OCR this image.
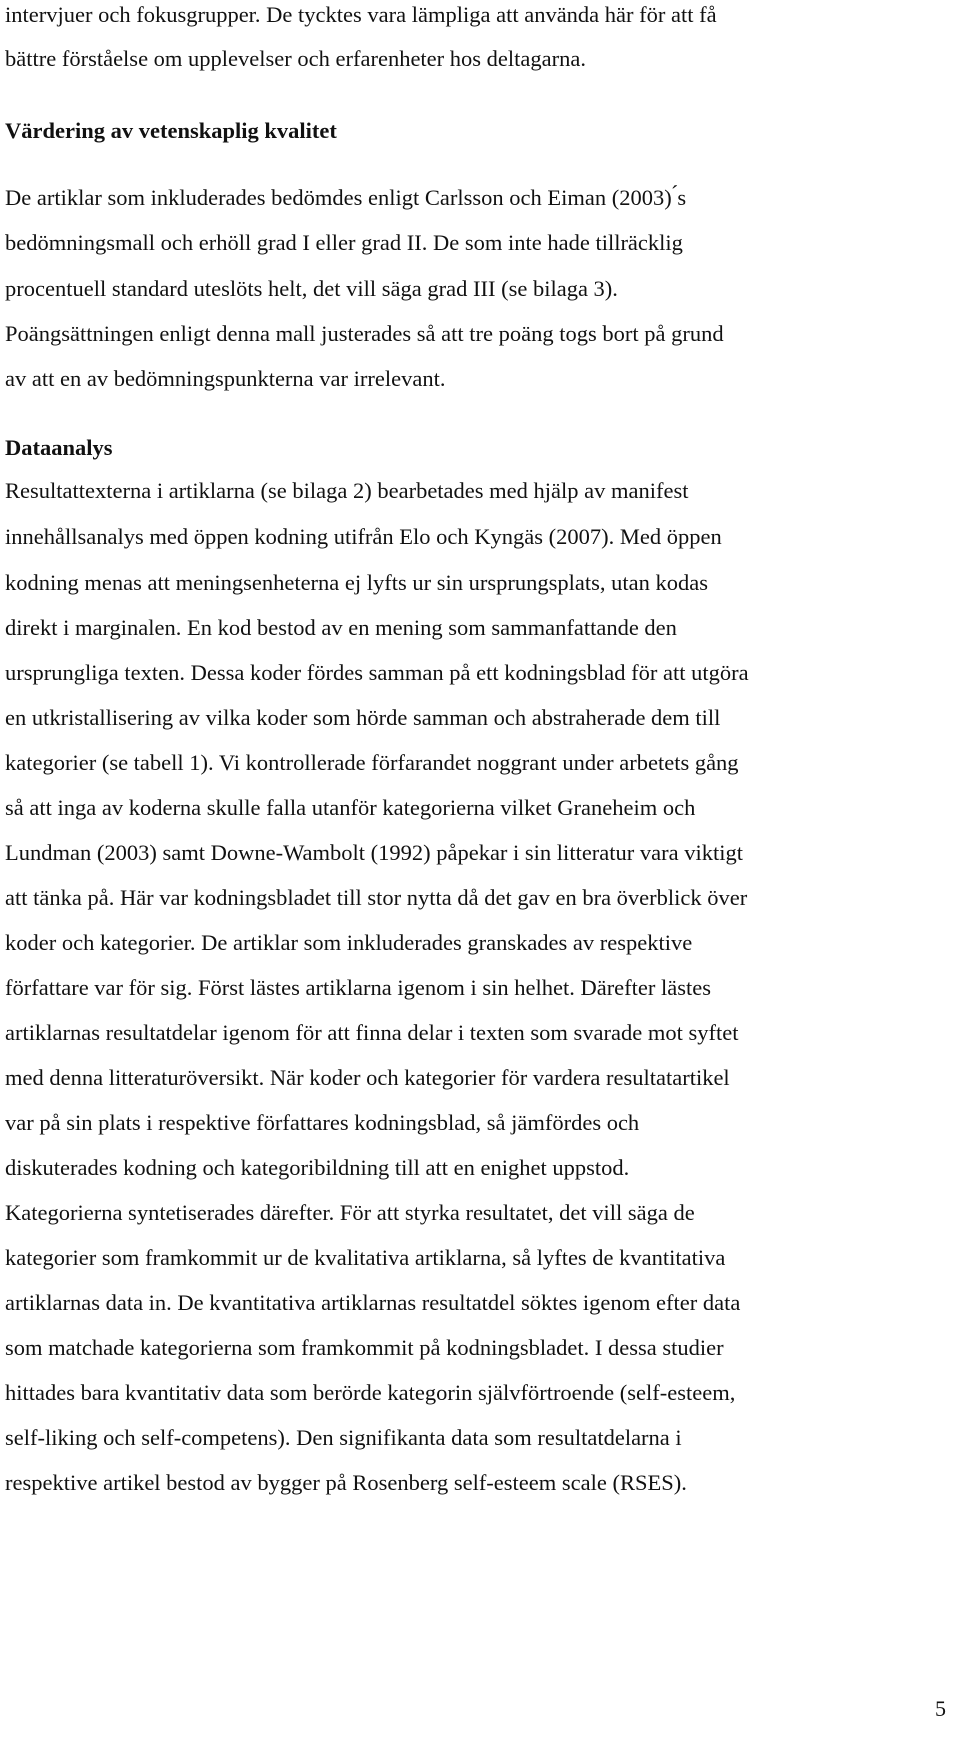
intervjuer och fokusgrupper. De tycktes vara lämpliga att använda här för att få
bättre förståelse om upplevelser och erfarenheter hos deltagarna.
Värdering av vetenskaplig kvalitet
De artiklar som inkluderades bedömdes enligt Carlsson och Eiman (2003) ́s
bedömningsmall och erhöll grad I eller grad II. De som inte hade tillräcklig
procentuell standard uteslöts helt, det vill säga grad III (se bilaga 3).
Poängsättningen enligt denna mall justerades så att tre poäng togs bort på grund
av att en av bedömningspunkterna var irrelevant.
Dataanalys
Resultattexterna i artiklarna (se bilaga 2) bearbetades med hjälp av manifest
innehållsanalys med öppen kodning utifrån Elo och Kyngäs (2007). Med öppen
kodning menas att meningsenheterna ej lyfts ur sin ursprungsplats, utan kodas
direkt i marginalen. En kod bestod av en mening som sammanfattande den
ursprungliga texten. Dessa koder fördes samman på ett kodningsblad för att utgöra
en utkristallisering av vilka koder som hörde samman och abstraherade dem till
kategorier (se tabell 1). Vi kontrollerade förfarandet noggrant under arbetets gång
så att inga av koderna skulle falla utanför kategorierna vilket Graneheim och
Lundman (2003) samt Downe-Wambolt (1992) påpekar i sin litteratur vara viktigt
att tänka på. Här var kodningsbladet till stor nytta då det gav en bra överblick över
koder och kategorier. De artiklar som inkluderades granskades av respektive
författare var för sig. Först lästes artiklarna igenom i sin helhet. Därefter lästes
artiklarnas resultatdelar igenom för att finna delar i texten som svarade mot syftet
med denna litteraturöversikt. När koder och kategorier för vardera resultatartikel
var på sin plats i respektive författares kodningsblad, så jämfördes och
diskuterades kodning och kategoribildning till att en enighet uppstod.
Kategorierna syntetiserades därefter. För att styrka resultatet, det vill säga de
kategorier som framkommit ur de kvalitativa artiklarna, så lyftes de kvantitativa
artiklarnas data in. De kvantitativa artiklarnas resultatdel söktes igenom efter data
som matchade kategorierna som framkommit på kodningsbladet. I dessa studier
hittades bara kvantitativ data som berörde kategorin självförtroende (self-esteem,
self-liking och self-competens). Den signifikanta data som resultatdelarna i
respektive artikel bestod av bygger på Rosenberg self-esteem scale (RSES).
5
